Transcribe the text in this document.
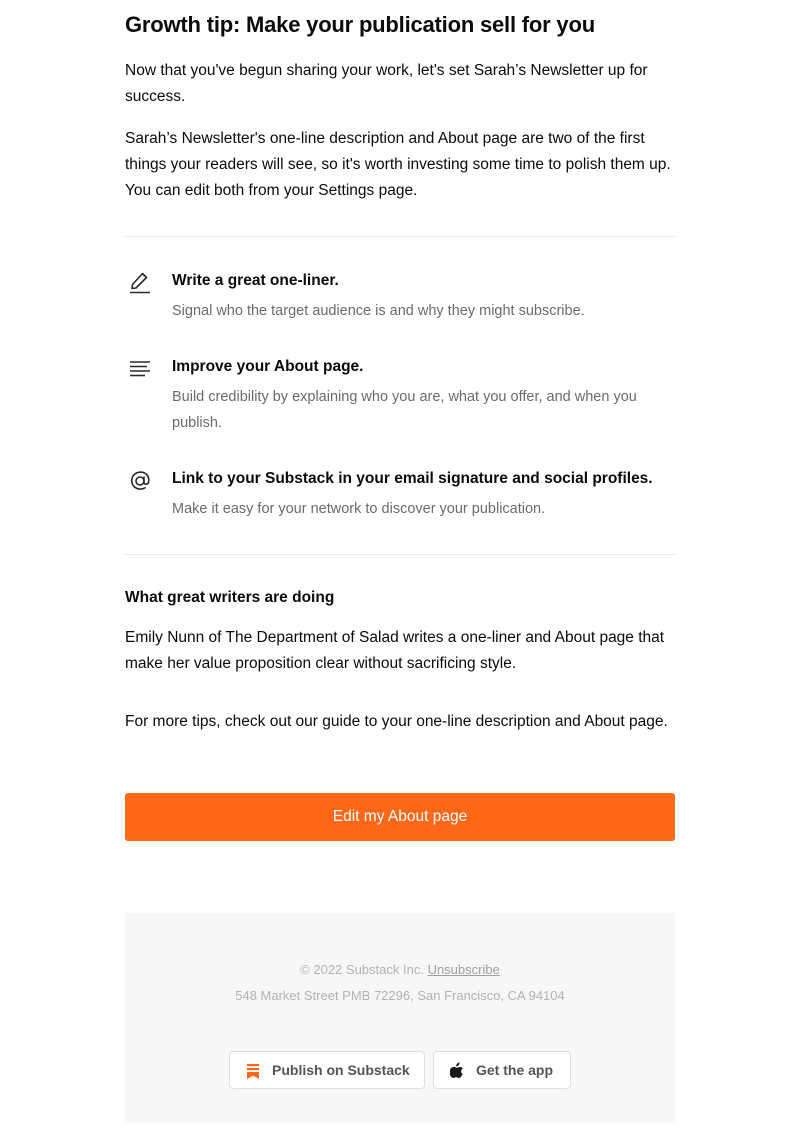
Growth tip: Make your publication sell for you

Now that you've begun sharing your work, let's set Sarah’s Newsletter up for success.

Sarah’s Newsletter's one-line description and About page are two of the first things your readers will see, so it's worth investing some time to polish them up. You can edit both from your Settings page.

Write a great one-liner.

Signal who the target audience is and why they might subscribe.

Improve your About page.

Build credibility by explaining who you are, what you offer, and when you publish.

Link to your Substack in your email signature and social profiles.

Make it easy for your network to discover your publication.

What great writers are doing

Emily Nunn of The Department of Salad writes a one-liner and About page that make her value proposition clear without sacrificing style.

For more tips, check out our guide to your one-line description and About page.

Edit my About page
© 2022 Substack Inc. Unsubscribe
548 Market Street PMB 72296, San Francisco, CA 94104
Publish on Substack	Get the app
